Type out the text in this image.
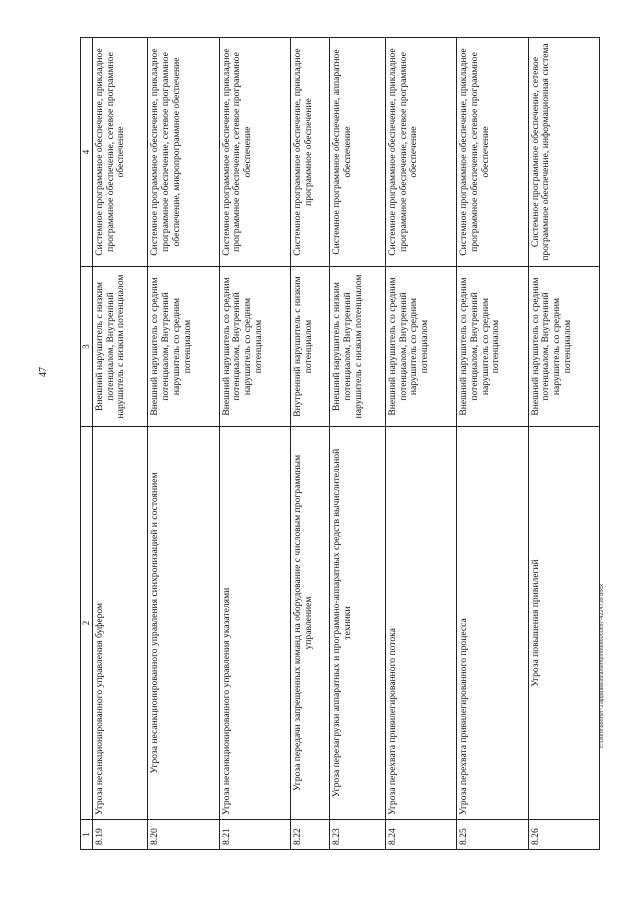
47
1	2	3	4
8.19	Угроза несанкционированного управления буфером	Внешний нарушитель с низким потенциалом, Внутренний нарушитель с низким потенциалом	Системное программное обеспечение, прикладное программное обеспечение, сетевое программное обеспечение
8.20	Угроза несанкционированного управления синхронизацией и состоянием	Внешний нарушитель со средним потенциалом, Внутренний нарушитель со средним потенциалом	Системное программное обеспечение, прикладное программное обеспечение, сетевое программное обеспечение, микропрограммное обеспечение
8.21	Угроза несанкционированного управления указателями	Внешний нарушитель со средним потенциалом, Внутренний нарушитель со средним потенциалом	Системное программное обеспечение, прикладное программное обеспечение, сетевое программное обеспечение
8.22	Угроза передачи запрещенных команд на оборудование с числовым программным управлением	Внутренний нарушитель с низким потенциалом	Системное программное обеспечение, прикладное программное обеспечение
8.23	Угроза перезагрузки аппаратных и программно-аппаратных средств вычислительной техники	Внешний нарушитель с низким потенциалом, Внутренний нарушитель с низким потенциалом	Системное программное обеспечение, аппаратное обеспечение
8.24	Угроза перехвата привилегированного потока	Внешний нарушитель со средним потенциалом, Внутренний нарушитель со средним потенциалом	Системное программное обеспечение, прикладное программное обеспечение, сетевое программное обеспечение
8.25	Угроза перехвата привилегированного процесса	Внешний нарушитель со средним потенциалом, Внутренний нарушитель со средним потенциалом	Системное программное обеспечение, прикладное программное обеспечение, сетевое программное обеспечение
8.26	Угроза повышения привилегий	Внешний нарушитель со средним потенциалом, Внутренний нарушитель со средним потенциалом	Системное программное обеспечение, сетевое программное обеспечение, информационная система
c:\users\sborsh~1\appdata\local\temp\notes6050c8\~4224739.docx
